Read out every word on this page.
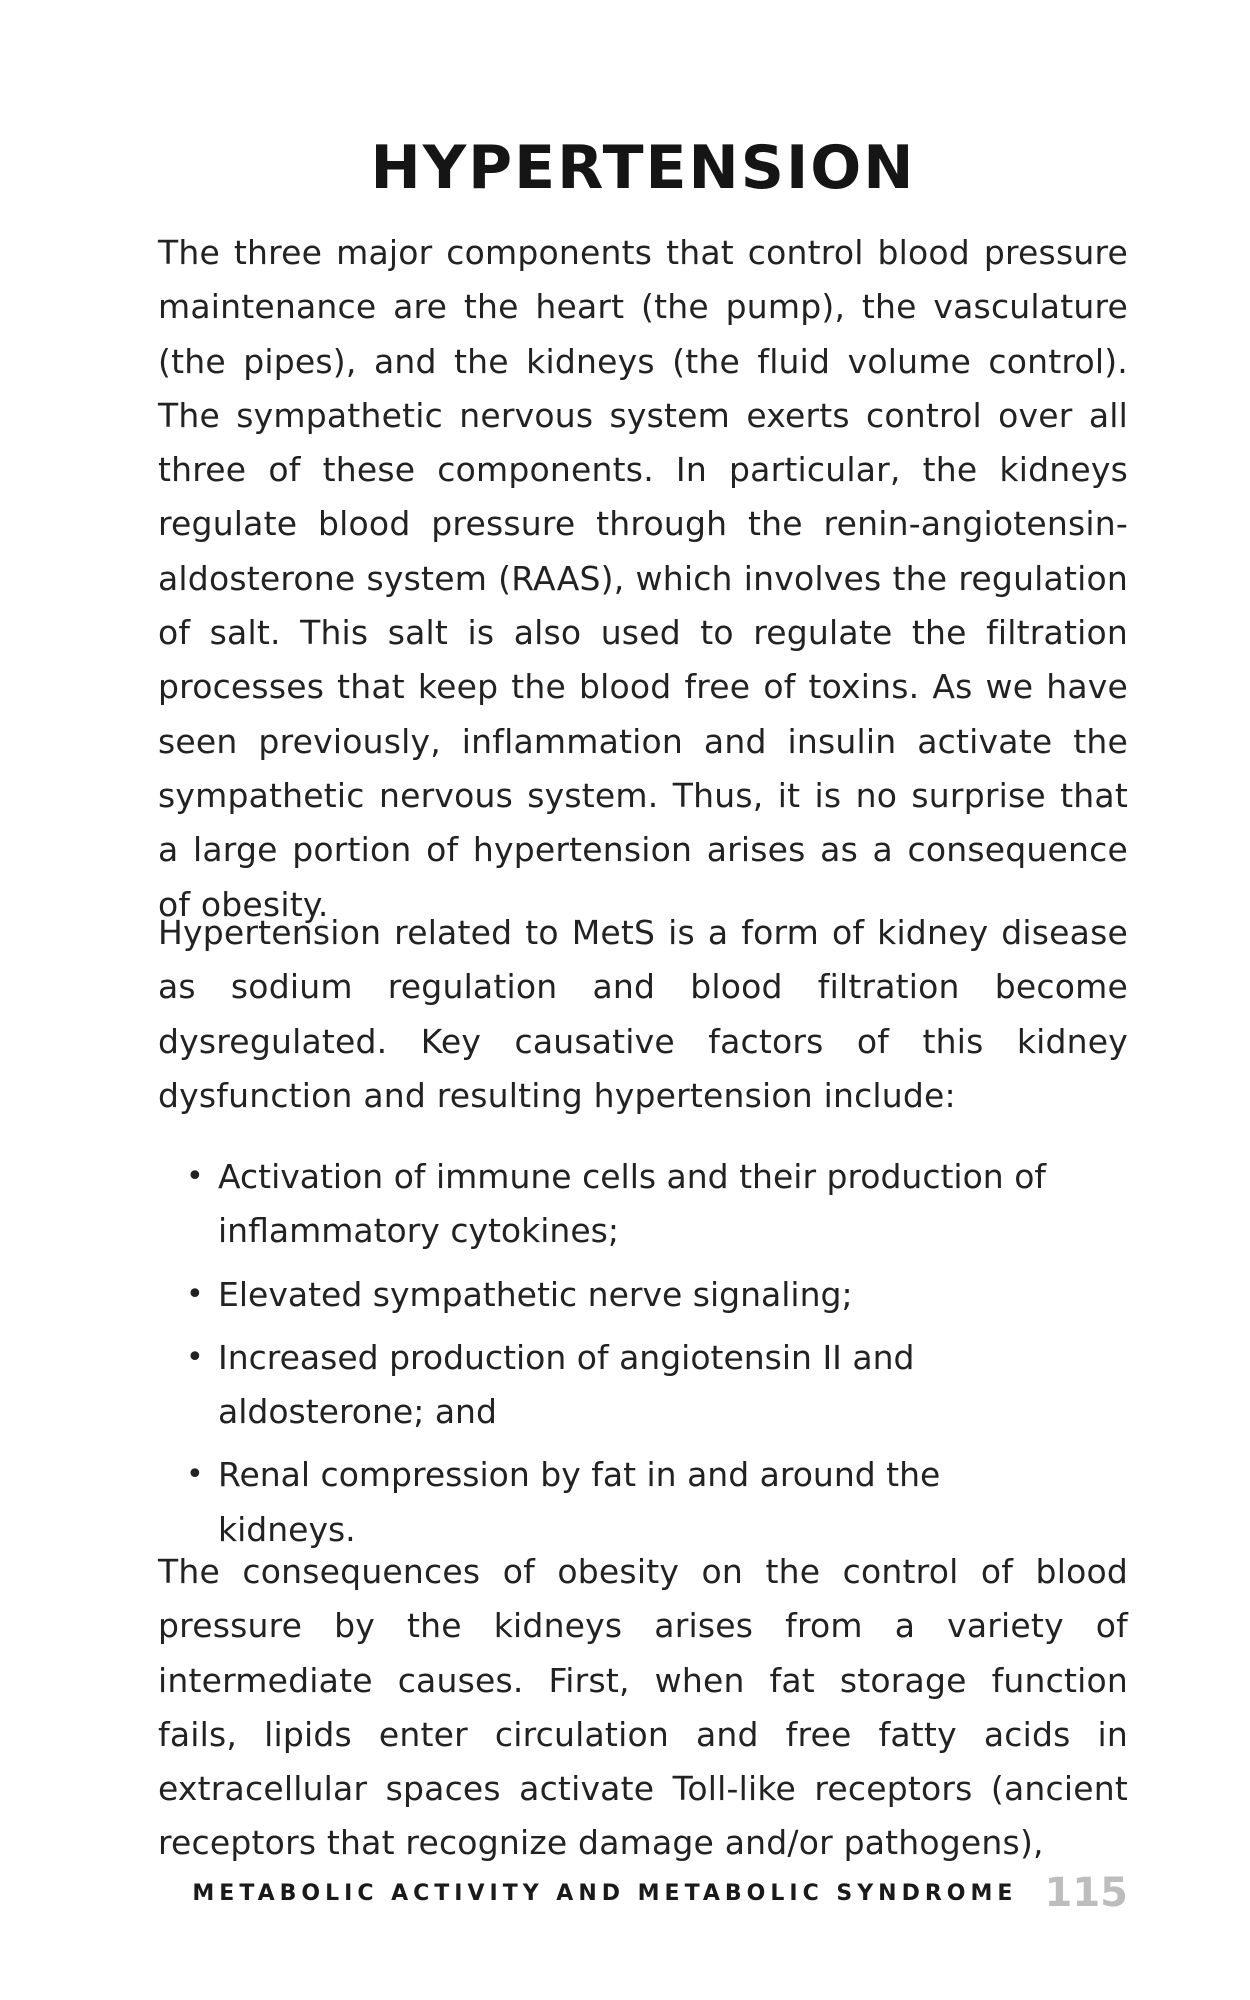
HYPERTENSION

The three major components that control blood pressure maintenance are the heart (the pump), the vasculature (the pipes), and the kidneys (the fluid volume control). The sympathetic nervous system exerts control over all three of these components. In particular, the kidneys regulate blood pressure through the renin-angiotensin-aldosterone system (RAAS), which involves the regulation of salt. This salt is also used to regulate the filtration processes that keep the blood free of toxins. As we have seen previously, inflammation and insulin activate the sympathetic nervous system. Thus, it is no surprise that a large portion of hypertension arises as a consequence of obesity.

Hypertension related to MetS is a form of kidney disease as sodium regulation and blood filtration become dysregulated. Key causative factors of this kidney dysfunction and resulting hypertension include:

• Activation of immune cells and their production of inflammatory cytokines;
• Elevated sympathetic nerve signaling;
• Increased production of angiotensin II and aldosterone; and
• Renal compression by fat in and around the kidneys.

The consequences of obesity on the control of blood pressure by the kidneys arises from a variety of intermediate causes. First, when fat storage function fails, lipids enter circulation and free fatty acids in extracellular spaces activate Toll-like receptors (ancient receptors that recognize damage and/or pathogens),

METABOLIC ACTIVITY AND METABOLIC SYNDROME 115
